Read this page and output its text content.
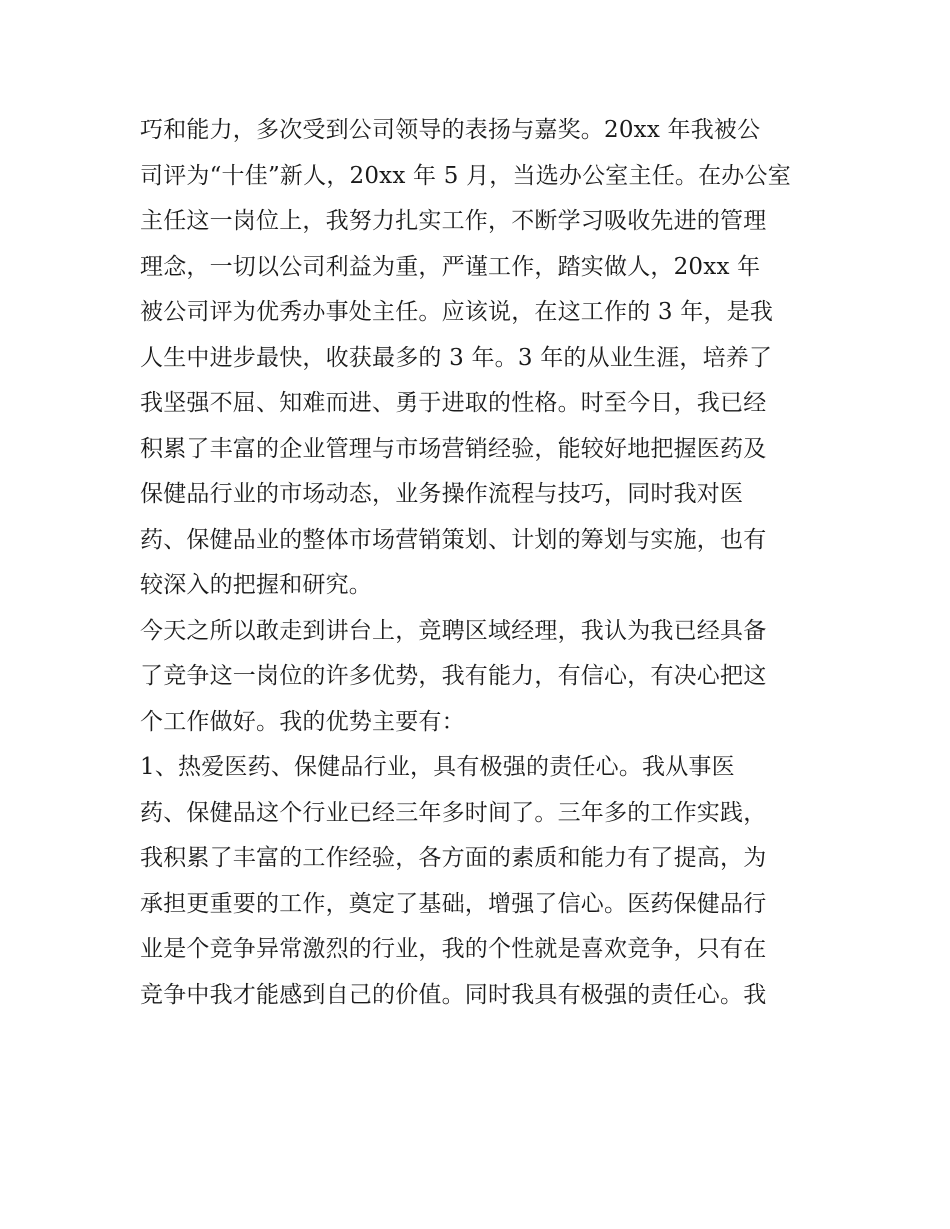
巧和能力，多次受到公司领导的表扬与嘉奖。20xx 年我被公
司评为“十佳”新人，20xx 年 5 月，当选办公室主任。在办公室
主任这一岗位上，我努力扎实工作，不断学习吸收先进的管理
理念，一切以公司利益为重，严谨工作，踏实做人，20xx 年
被公司评为优秀办事处主任。应该说，在这工作的 3 年，是我
人生中进步最快，收获最多的 3 年。3 年的从业生涯，培养了
我坚强不屈、知难而进、勇于进取的性格。时至今日，我已经
积累了丰富的企业管理与市场营销经验，能较好地把握医药及
保健品行业的市场动态，业务操作流程与技巧，同时我对医
药、保健品业的整体市场营销策划、计划的筹划与实施，也有
较深入的把握和研究。
今天之所以敢走到讲台上，竞聘区域经理，我认为我已经具备
了竞争这一岗位的许多优势，我有能力，有信心，有决心把这
个工作做好。我的优势主要有：
1、热爱医药、保健品行业，具有极强的责任心。我从事医
药、保健品这个行业已经三年多时间了。三年多的工作实践，
我积累了丰富的工作经验，各方面的素质和能力有了提高，为
承担更重要的工作，奠定了基础，增强了信心。医药保健品行
业是个竞争异常激烈的行业，我的个性就是喜欢竞争，只有在
竞争中我才能感到自己的价值。同时我具有极强的责任心。我
